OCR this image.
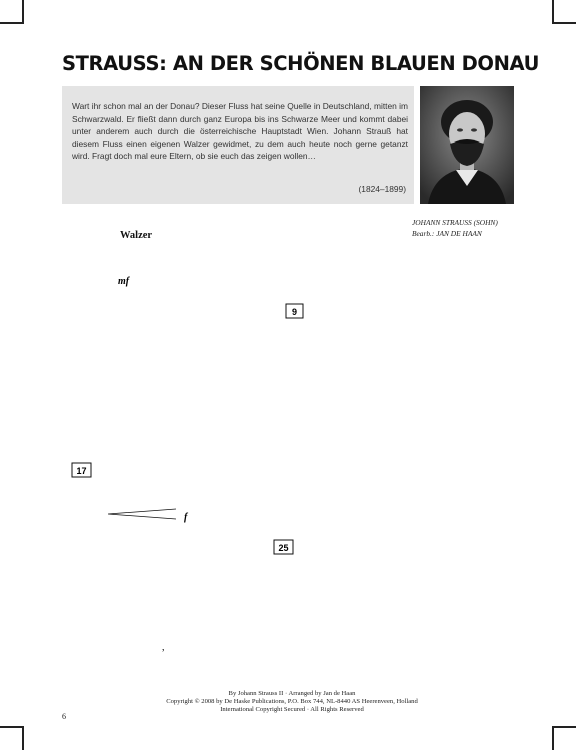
STRAUSS: AN DER SCHÖNEN BLAUEN DONAU
Wart ihr schon mal an der Donau? Dieser Fluss hat seine Quelle in Deutschland, mitten im Schwarzwald. Er fließt dann durch ganz Europa bis ins Schwarze Meer und kommt dabei unter anderem auch durch die österreichische Hauptstadt Wien. Johann Strauß hat diesem Fluss einen eigenen Walzer gewidmet, zu dem auch heute noch gerne getanzt wird. Fragt doch mal eure Eltern, ob sie euch das zeigen wollen…
(1824–1899)
JOHANN STRAUSS (SOHN)
Bearb.: JAN DE HAAN
Walzer
9
17
25
mf
f
,
By Johann Strauss II · Arranged by Jan de Haan
Copyright © 2008 by De Haske Publications, P.O. Box 744, NL-8440 AS Heerenveen, Holland
International Copyright Secured · All Rights Reserved
6
